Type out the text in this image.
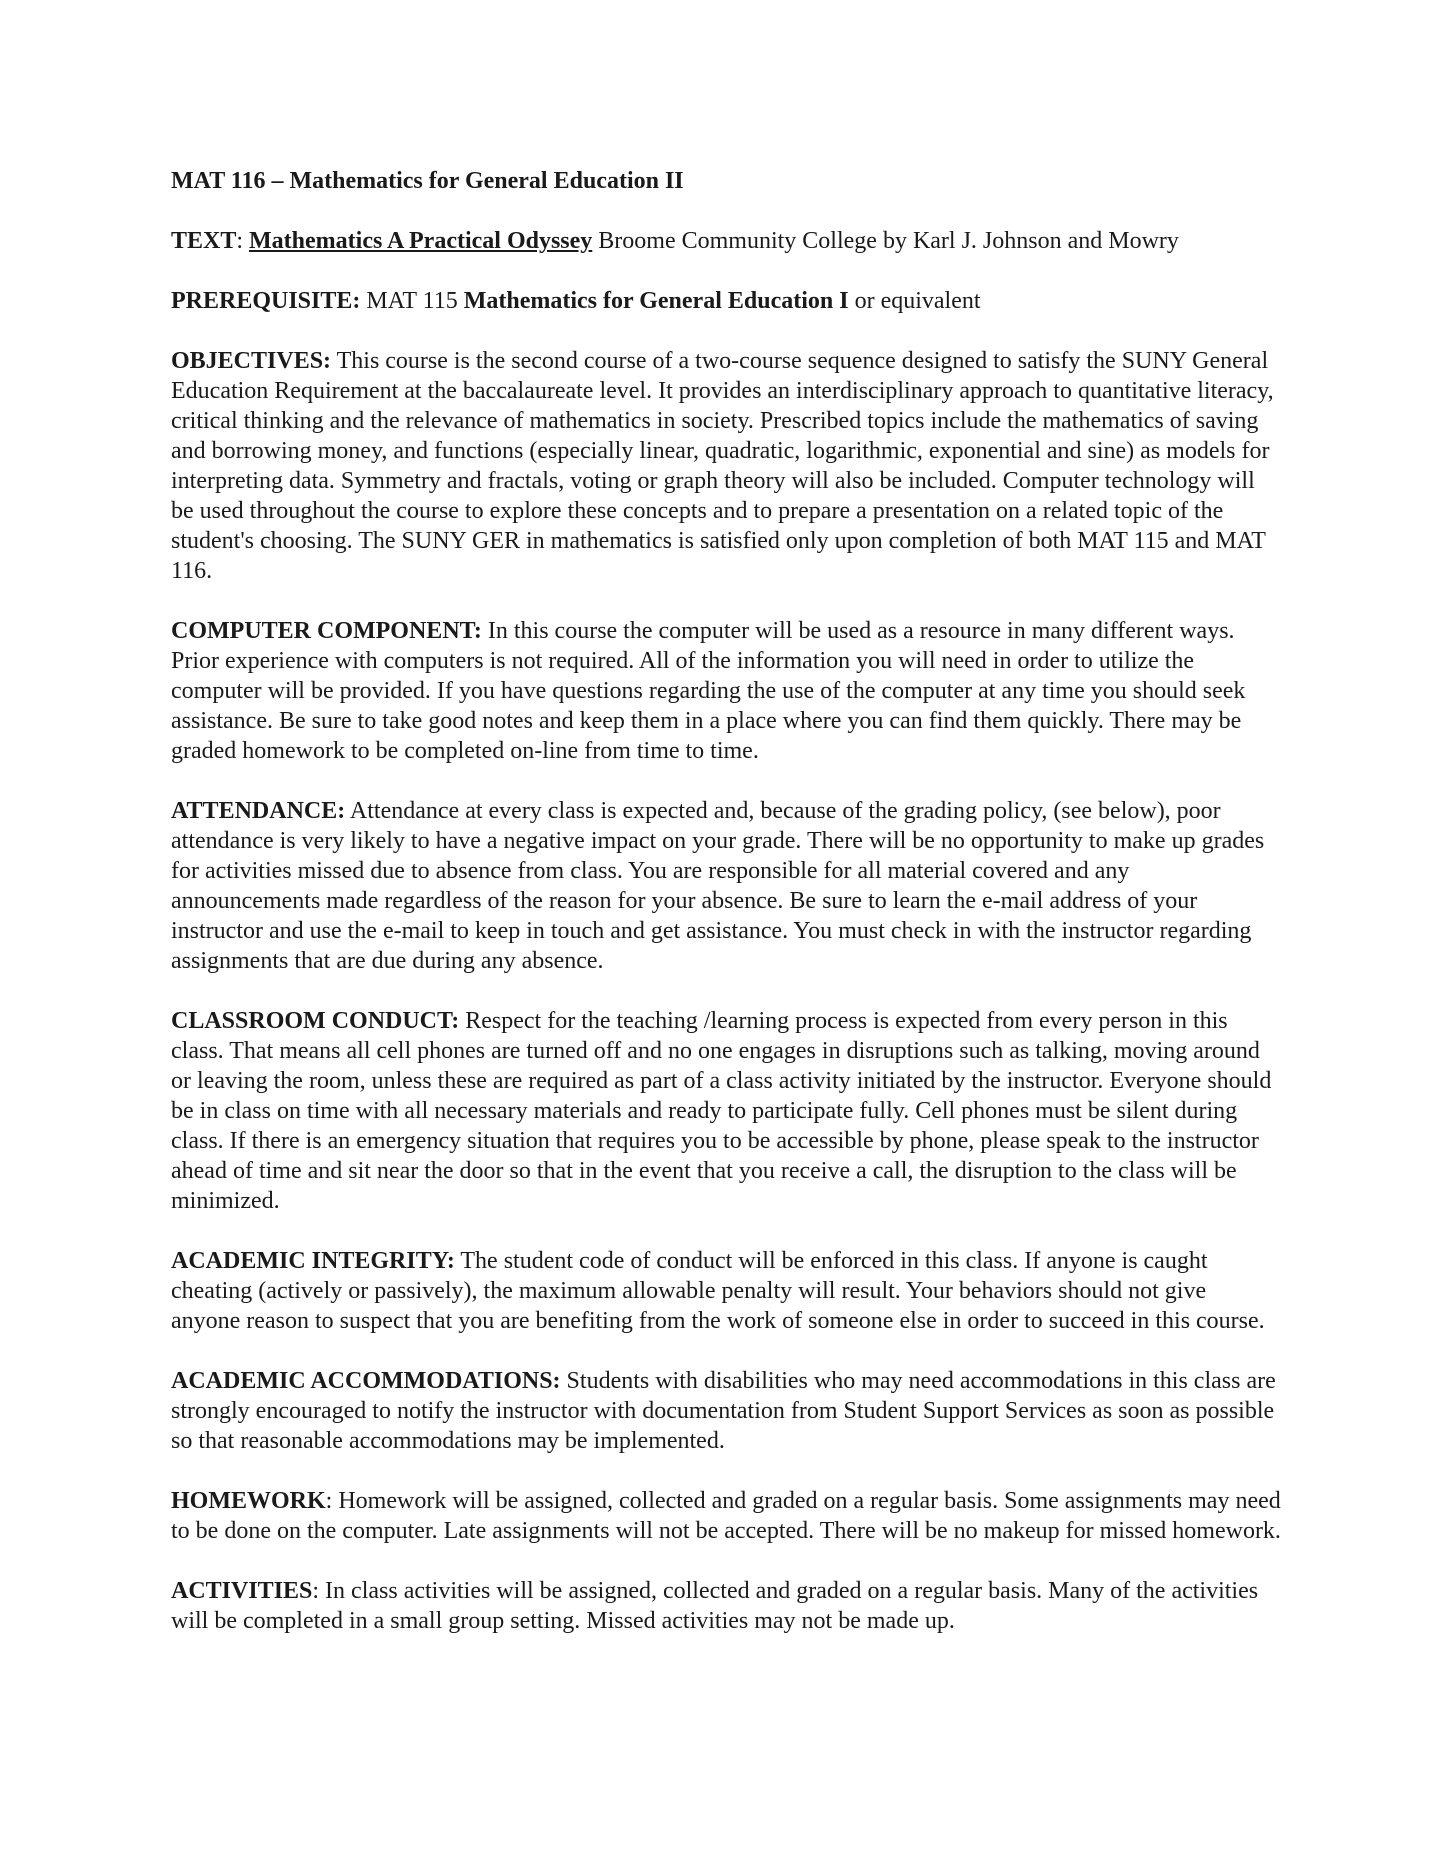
MAT 116 – Mathematics for General Education II

TEXT: Mathematics A Practical Odyssey Broome Community College by Karl J. Johnson and Mowry

PREREQUISITE: MAT 115 Mathematics for General Education I or equivalent

OBJECTIVES: This course is the second course of a two-course sequence designed to satisfy the SUNY General Education Requirement at the baccalaureate level. It provides an interdisciplinary approach to quantitative literacy, critical thinking and the relevance of mathematics in society. Prescribed topics include the mathematics of saving and borrowing money, and functions (especially linear, quadratic, logarithmic, exponential and sine) as models for interpreting data. Symmetry and fractals, voting or graph theory will also be included. Computer technology will be used throughout the course to explore these concepts and to prepare a presentation on a related topic of the student's choosing. The SUNY GER in mathematics is satisfied only upon completion of both MAT 115 and MAT 116.

COMPUTER COMPONENT: In this course the computer will be used as a resource in many different ways. Prior experience with computers is not required. All of the information you will need in order to utilize the computer will be provided. If you have questions regarding the use of the computer at any time you should seek assistance. Be sure to take good notes and keep them in a place where you can find them quickly. There may be graded homework to be completed on-line from time to time.

ATTENDANCE: Attendance at every class is expected and, because of the grading policy, (see below), poor attendance is very likely to have a negative impact on your grade. There will be no opportunity to make up grades for activities missed due to absence from class. You are responsible for all material covered and any announcements made regardless of the reason for your absence. Be sure to learn the e-mail address of your instructor and use the e-mail to keep in touch and get assistance. You must check in with the instructor regarding assignments that are due during any absence.

CLASSROOM CONDUCT: Respect for the teaching /learning process is expected from every person in this class. That means all cell phones are turned off and no one engages in disruptions such as talking, moving around or leaving the room, unless these are required as part of a class activity initiated by the instructor. Everyone should be in class on time with all necessary materials and ready to participate fully. Cell phones must be silent during class. If there is an emergency situation that requires you to be accessible by phone, please speak to the instructor ahead of time and sit near the door so that in the event that you receive a call, the disruption to the class will be minimized.

ACADEMIC INTEGRITY: The student code of conduct will be enforced in this class. If anyone is caught cheating (actively or passively), the maximum allowable penalty will result. Your behaviors should not give anyone reason to suspect that you are benefiting from the work of someone else in order to succeed in this course.

ACADEMIC ACCOMMODATIONS: Students with disabilities who may need accommodations in this class are strongly encouraged to notify the instructor with documentation from Student Support Services as soon as possible so that reasonable accommodations may be implemented.

HOMEWORK: Homework will be assigned, collected and graded on a regular basis. Some assignments may need to be done on the computer. Late assignments will not be accepted. There will be no makeup for missed homework.

ACTIVITIES: In class activities will be assigned, collected and graded on a regular basis. Many of the activities will be completed in a small group setting. Missed activities may not be made up.
